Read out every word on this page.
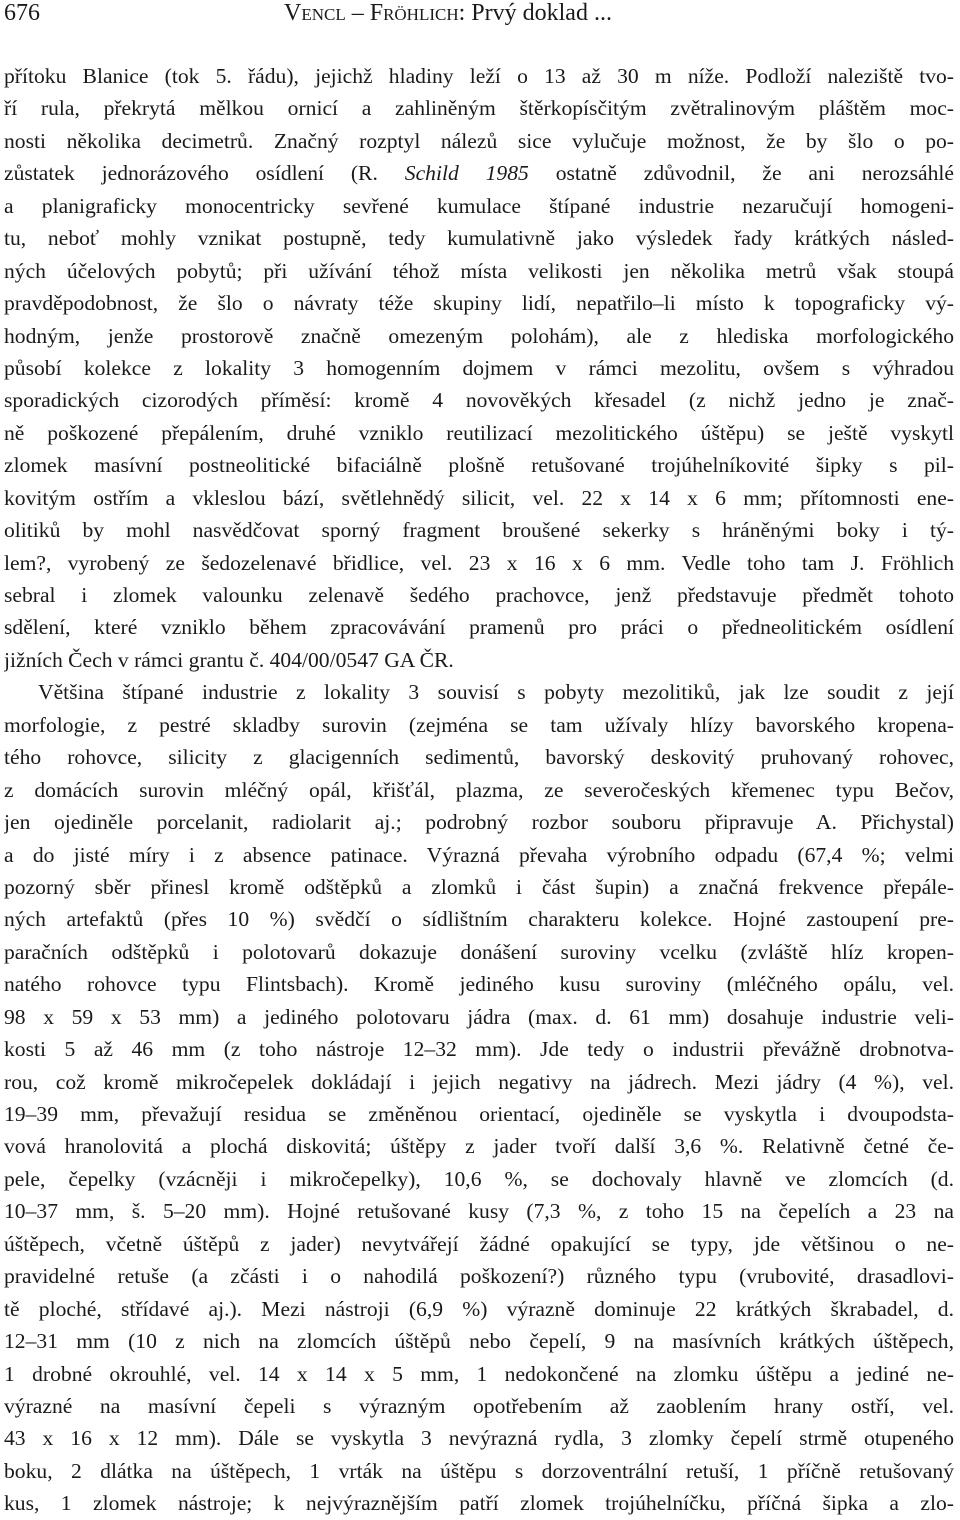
676	Vencl – Fröhlich: Prvý doklad ...
přítoku Blanice (tok 5. řádu), jejichž hladiny leží o 13 až 30 m níže. Podloží naleziště tvo-
ří rula, překrytá mělkou ornicí a zahliněným štěrkopísčitým zvětralinovým pláštěm moc-
nosti několika decimetrů. Značný rozptyl nálezů sice vylučuje možnost, že by šlo o po-
zůstatek jednorázového osídlení (R. Schild 1985 ostatně zdůvodnil, že ani nerozsáhlé
a planigraficky monocentricky sevřené kumulace štípané industrie nezaručují homogeni-
tu, neboť mohly vznikat postupně, tedy kumulativně jako výsledek řady krátkých násled-
ných účelových pobytů; při užívání téhož místa velikosti jen několika metrů však stoupá
pravděpodobnost, že šlo o návraty téže skupiny lidí, nepatřilo–li místo k topograficky vý-
hodným, jenže prostorově značně omezeným polohám), ale z hlediska morfologického
působí kolekce z lokality 3 homogenním dojmem v rámci mezolitu, ovšem s výhradou
sporadických cizorodých příměsí: kromě 4 novověkých křesadel (z nichž jedno je znač-
ně poškozené přepálením, druhé vzniklo reutilizací mezolitického úštěpu) se ještě vyskytl
zlomek masívní postneolitické bifaciálně plošně retušované trojúhelníkovité šipky s pil-
kovitým ostřím a vkleslou bází, světlehnědý silicit, vel. 22 x 14 x 6 mm; přítomnosti ene-
olitiků by mohl nasvědčovat sporný fragment broušené sekerky s hráněnými boky i tý-
lem?, vyrobený ze šedozelenavé břidlice, vel. 23 x 16 x 6 mm. Vedle toho tam J. Fröhlich
sebral i zlomek valounku zelenavě šedého prachovce, jenž představuje předmět tohoto
sdělení, které vzniklo během zpracovávání pramenů pro práci o předneolitickém osídlení
jižních Čech v rámci grantu č. 404/00/0547 GA ČR.
Většina štípané industrie z lokality 3 souvisí s pobyty mezolitiků, jak lze soudit z její
morfologie, z pestré skladby surovin (zejména se tam užívaly hlízy bavorského kropena-
tého rohovce, silicity z glacigenních sedimentů, bavorský deskovitý pruhovaný rohovec,
z domácích surovin mléčný opál, křišťál, plazma, ze severočeských křemenec typu Bečov,
jen ojediněle porcelanit, radiolarit aj.; podrobný rozbor souboru připravuje A. Přichystal)
a do jisté míry i z absence patinace. Výrazná převaha výrobního odpadu (67,4 %; velmi
pozorný sběr přinesl kromě odštěpků a zlomků i část šupin) a značná frekvence přepále-
ných artefaktů (přes 10 %) svědčí o sídlištním charakteru kolekce. Hojné zastoupení pre-
paračních odštěpků i polotovarů dokazuje donášení suroviny vcelku (zvláště hlíz kropen-
natého rohovce typu Flintsbach). Kromě jediného kusu suroviny (mléčného opálu, vel.
98 x 59 x 53 mm) a jediného polotovaru jádra (max. d. 61 mm) dosahuje industrie veli-
kosti 5 až 46 mm (z toho nástroje 12–32 mm). Jde tedy o industrii převážně drobnotva-
rou, což kromě mikročepelek dokládají i jejich negativy na jádrech. Mezi jádry (4 %), vel.
19–39 mm, převažují residua se změněnou orientací, ojediněle se vyskytla i dvoupodsta-
vová hranolovitá a plochá diskovitá; úštěpy z jader tvoří další 3,6 %. Relativně četné če-
pele, čepelky (vzácněji i mikročepelky), 10,6 %, se dochovaly hlavně ve zlomcích (d.
10–37 mm, š. 5–20 mm). Hojné retušované kusy (7,3 %, z toho 15 na čepelích a 23 na
úštěpech, včetně úštěpů z jader) nevytvářejí žádné opakující se typy, jde většinou o ne-
pravidelné retuše (a zčásti i o nahodilá poškození?) různého typu (vrubovité, drasadlovi-
tě ploché, střídavé aj.). Mezi nástroji (6,9 %) výrazně dominuje 22 krátkých škrabadel, d.
12–31 mm (10 z nich na zlomcích úštěpů nebo čepelí, 9 na masívních krátkých úštěpech,
1 drobné okrouhlé, vel. 14 x 14 x 5 mm, 1 nedokončené na zlomku úštěpu a jediné ne-
výrazné na masívní čepeli s výrazným opotřebením až zaoblením hrany ostří, vel.
43 x 16 x 12 mm). Dále se vyskytla 3 nevýrazná rydla, 3 zlomky čepelí strmě otupeného
boku, 2 dlátka na úštěpech, 1 vrták na úštěpu s dorzoventrální retuší, 1 příčně retušovaný
kus, 1 zlomek nástroje; k nejvýraznějším patří zlomek trojúhelníčku, příčná šipka a zlo-
